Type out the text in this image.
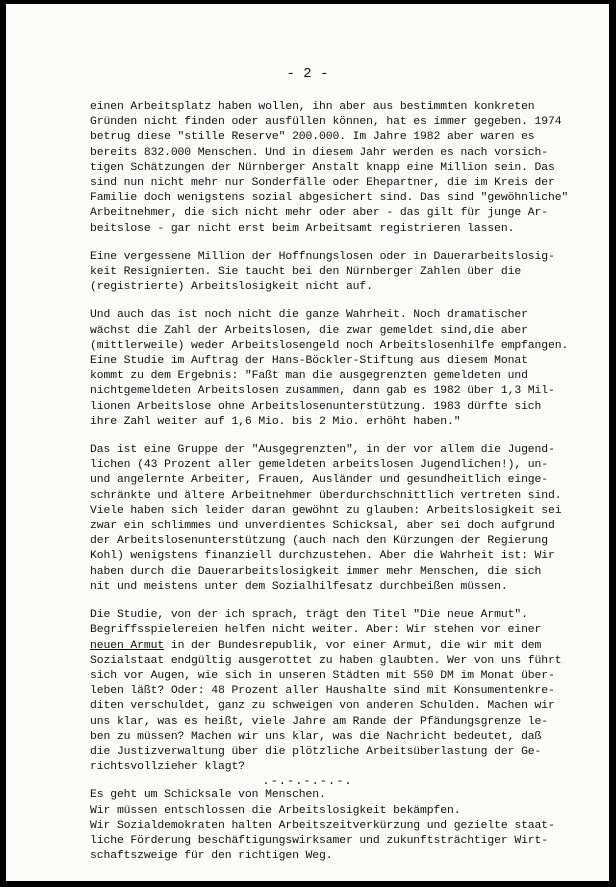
- 2 -
einen Arbeitsplatz haben wollen, ihn aber aus bestimmten konkreten
Gründen nicht finden oder ausfüllen können, hat es immer gegeben. 1974
betrug diese "stille Reserve" 200.000. Im Jahre 1982 aber waren es
bereits 832.000 Menschen. Und in diesem Jahr werden es nach vorsich-
tigen Schätzungen der Nürnberger Anstalt knapp eine Million sein. Das
sind nun nicht mehr nur Sonderfälle oder Ehepartner, die im Kreis der
Familie doch wenigstens sozial abgesichert sind. Das sind "gewöhnliche"
Arbeitnehmer, die sich nicht mehr oder aber - das gilt für junge Ar-
beitslose - gar nicht erst beim Arbeitsamt registrieren lassen.
Eine vergessene Million der Hoffnungslosen oder in Dauerarbeitslosig-
keit Resignierten. Sie taucht bei den Nürnberger Zahlen über die
(registrierte) Arbeitslosigkeit nicht auf.
Und auch das ist noch nicht die ganze Wahrheit. Noch dramatischer
wächst die Zahl der Arbeitslosen, die zwar gemeldet sind,die aber
(mittlerweile) weder Arbeitslosengeld noch Arbeitslosenhilfe empfangen.
Eine Studie im Auftrag der Hans-Böckler-Stiftung aus diesem Monat
kommt zu dem Ergebnis: "Faßt man die ausgegrenzten gemeldeten und
nichtgemeldeten Arbeitslosen zusammen, dann gab es 1982 über 1,3 Mil-
lionen Arbeitslose ohne Arbeitslosenunterstützung. 1983 dürfte sich
ihre Zahl weiter auf 1,6 Mio. bis 2 Mio. erhöht haben."
Das ist eine Gruppe der "Ausgegrenzten", in der vor allem die Jugend-
lichen (43 Prozent aller gemeldeten arbeitslosen Jugendlichen!), un-
und angelernte Arbeiter, Frauen, Ausländer und gesundheitlich einge-
schränkte und ältere Arbeitnehmer überdurchschnittlich vertreten sind.
Viele haben sich leider daran gewöhnt zu glauben: Arbeitslosigkeit sei
zwar ein schlimmes und unverdientes Schicksal, aber sei doch aufgrund
der Arbeitslosenunterstützung (auch nach den Kürzungen der Regierung
Kohl) wenigstens finanziell durchzustehen. Aber die Wahrheit ist: Wir
haben durch die Dauerarbeitslosigkeit immer mehr Menschen, die sich
nit und meistens unter dem Sozialhilfesatz durchbeißen müssen.
Die Studie, von der ich sprach, trägt den Titel "Die neue Armut".
Begriffsspielereien helfen nicht weiter. Aber: Wir stehen vor einer
neuen Armut in der Bundesrepublik, vor einer Armut, die wir mit dem
Sozialstaat endgültig ausgerottet zu haben glaubten. Wer von uns führt
sich vor Augen, wie sich in unseren Städten mit 550 DM im Monat über-
leben läßt? Oder: 48 Prozent aller Haushalte sind mit Konsumentenkre-
diten verschuldet, ganz zu schweigen von anderen Schulden. Machen wir
uns klar, was es heißt, viele Jahre am Rande der Pfändungsgrenze le-
ben zu müssen? Machen wir uns klar, was die Nachricht bedeutet, daß
die Justizverwaltung über die plötzliche Arbeitsüberlastung der Ge-
richtsvollzieher klagt?
Es geht um Schicksale von Menschen.
Wir müssen entschlossen die Arbeitslosigkeit bekämpfen.
Wir Sozialdemokraten halten Arbeitszeitverkürzung und gezielte staat-
liche Förderung beschäftigungswirksamer und zukunftsträchtiger Wirt-
schaftszweige für den richtigen Weg.
.-.-.-.-.-.
